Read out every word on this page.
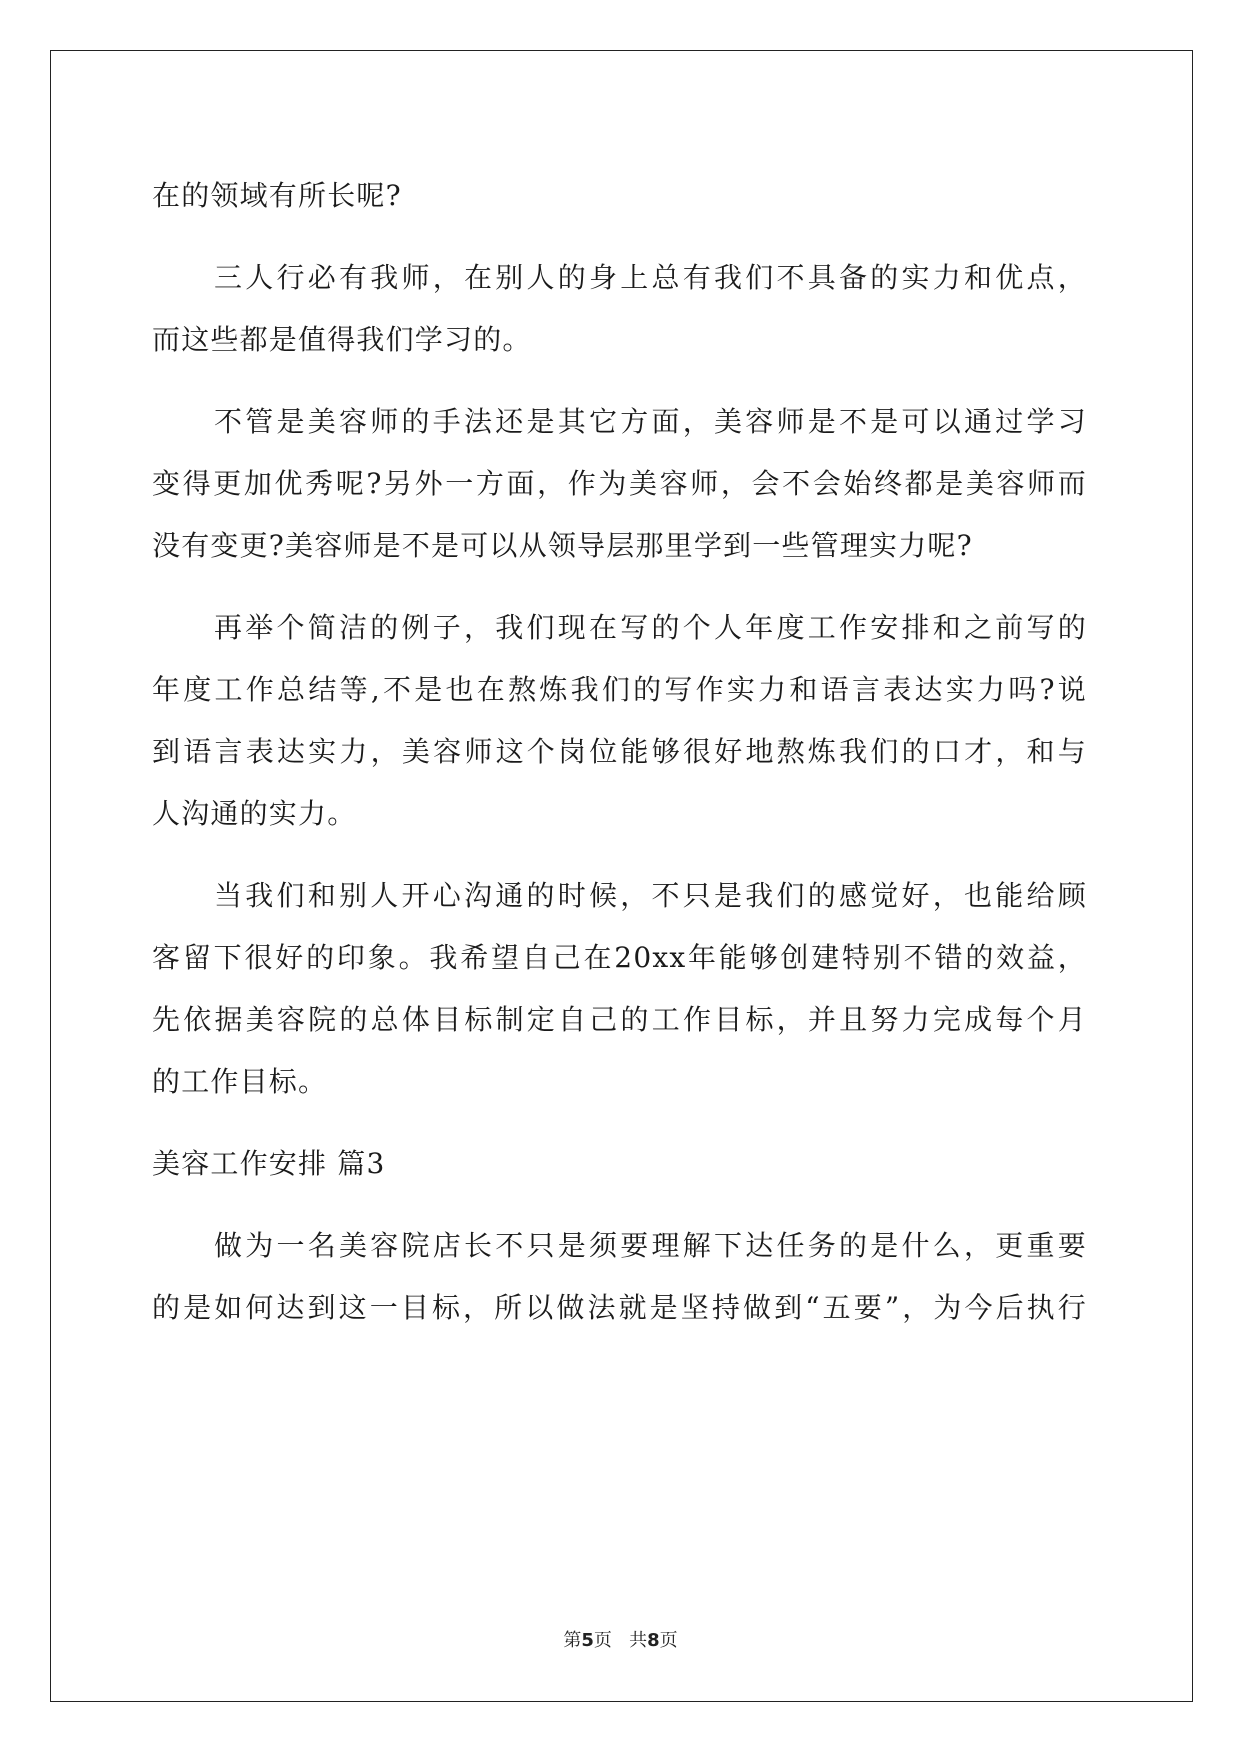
在的领域有所长呢?
三人行必有我师，在别人的身上总有我们不具备的实力和优点，
而这些都是值得我们学习的。
不管是美容师的手法还是其它方面，美容师是不是可以通过学习
变得更加优秀呢?另外一方面，作为美容师，会不会始终都是美容师而
没有变更?美容师是不是可以从领导层那里学到一些管理实力呢?
再举个简洁的例子，我们现在写的个人年度工作安排和之前写的
年度工作总结等,不是也在熬炼我们的写作实力和语言表达实力吗?说
到语言表达实力，美容师这个岗位能够很好地熬炼我们的口才，和与
人沟通的实力。
当我们和别人开心沟通的时候，不只是我们的感觉好，也能给顾
客留下很好的印象。我希望自己在20xx年能够创建特别不错的效益，
先依据美容院的总体目标制定自己的工作目标，并且努力完成每个月
的工作目标。
美容工作安排 篇3
做为一名美容院店长不只是须要理解下达任务的是什么，更重要
的是如何达到这一目标，所以做法就是坚持做到“五要”，为今后执行
第5页   共8页
